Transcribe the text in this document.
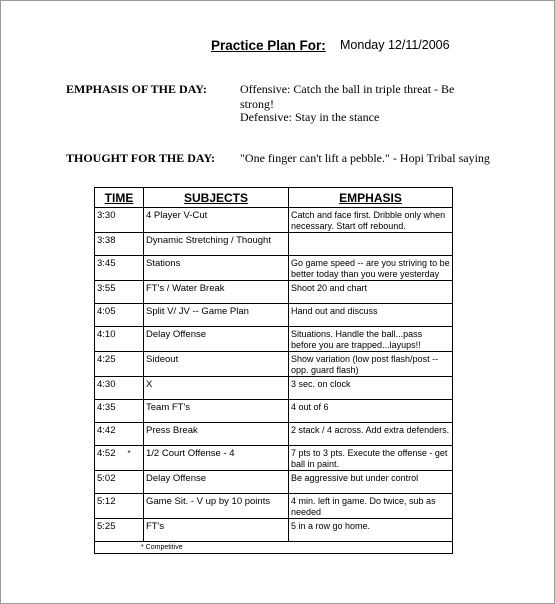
Practice Plan For: Monday 12/11/2006
EMPHASIS OF THE DAY:	Offensive: Catch the ball in triple threat - Be strong!
Defensive: Stay in the stance
THOUGHT FOR THE DAY: "One finger can't lift a pebble." - Hopi Tribal saying
TIME	SUBJECTS	EMPHASIS
3:30	4 Player V-Cut	Catch and face first. Dribble only when necessary. Start off rebound.
3:38	Dynamic Stretching / Thought	
3:45	Stations	Go game speed -- are you striving to be better today than you were yesterday
3:55	FT's / Water Break	Shoot 20 and chart
4:05	Split V/ JV -- Game Plan	Hand out and discuss
4:10	Delay Offense	Situations. Handle the ball...pass before you are trapped...layups!!
4:25	Sideout	Show variation (low post flash/post -- opp. guard flash)
4:30	X	3 sec. on clock
4:35	Team FT's	4 out of 6
4:42	Press Break	2 stack / 4 across. Add extra defenders.
4:52 *	1/2 Court Offense - 4	7 pts to 3 pts. Execute the offense - get ball in paint.
5:02	Delay Offense	Be aggressive but under control
5:12	Game Sit. - V up by 10 points	4 min. left in game. Do twice, sub as needed
5:25	FT's	5 in a row go home.
* Competitive		
